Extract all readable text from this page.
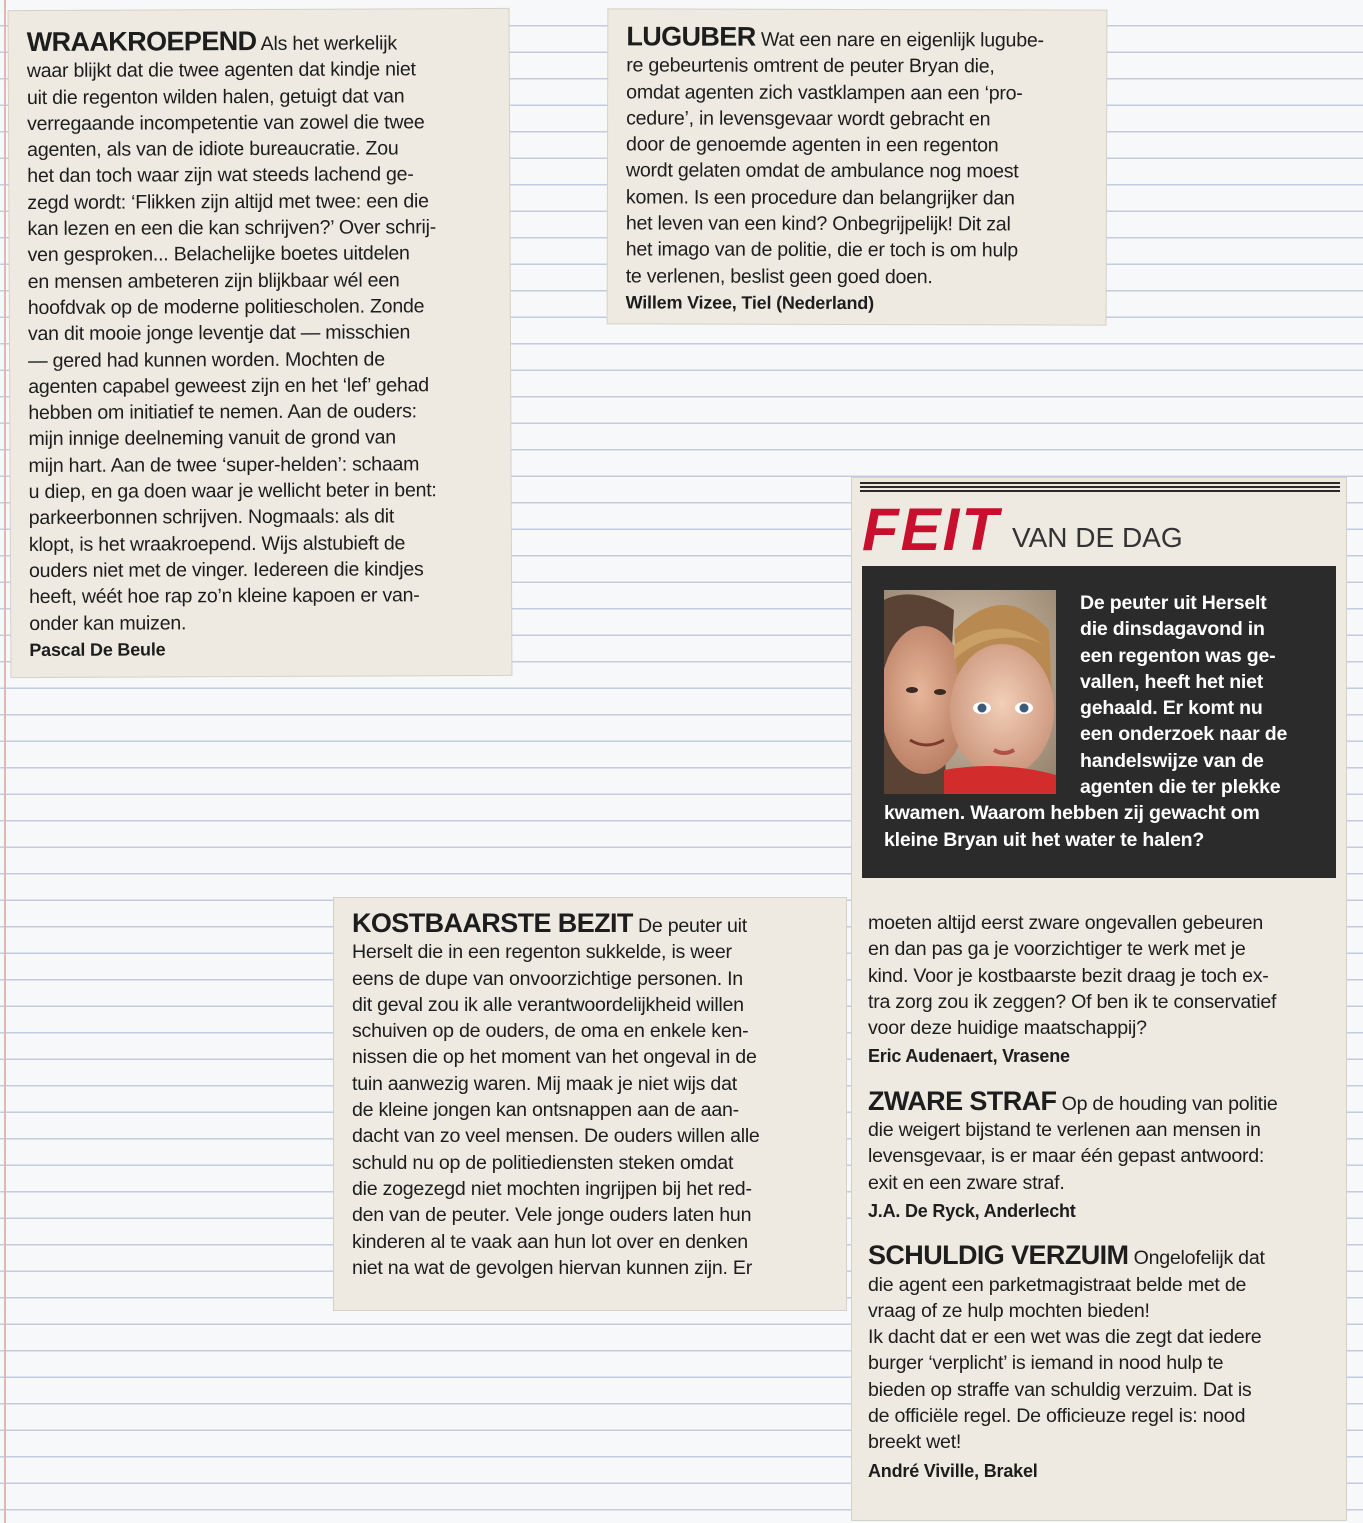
WRAAKROEPEND Als het werkelijk

waar blijkt dat die twee agenten dat kindje niet

uit die regenton wilden halen, getuigt dat van

verregaande incompetentie van zowel die twee

agenten, als van de idiote bureaucratie. Zou

het dan toch waar zijn wat steeds lachend ge-

zegd wordt: ‘Flikken zijn altijd met twee: een die

kan lezen en een die kan schrijven?’ Over schrij-

ven gesproken... Belachelijke boetes uitdelen

en mensen ambeteren zijn blijkbaar wél een

hoofdvak op de moderne politiescholen. Zonde

van dit mooie jonge leventje dat — misschien

— gered had kunnen worden. Mochten de

agenten capabel geweest zijn en het ‘lef’ gehad

hebben om initiatief te nemen. Aan de ouders:

mijn innige deelneming vanuit de grond van

mijn hart. Aan de twee ‘super-helden’: schaam

u diep, en ga doen waar je wellicht beter in bent:

parkeerbonnen schrijven. Nogmaals: als dit

klopt, is het wraakroepend. Wijs alstubieft de

ouders niet met de vinger. Iedereen die kindjes

heeft, wéét hoe rap zo’n kleine kapoen er van-

onder kan muizen.

Pascal De Beule

LUGUBER Wat een nare en eigenlijk lugube-

re gebeurtenis omtrent de peuter Bryan die,

omdat agenten zich vastklampen aan een ‘pro-

cedure’, in levensgevaar wordt gebracht en

door de genoemde agenten in een regenton

wordt gelaten omdat de ambulance nog moest

komen. Is een procedure dan belangrijker dan

het leven van een kind? Onbegrijpelijk! Dit zal

het imago van de politie, die er toch is om hulp

te verlenen, beslist geen goed doen.

Willem Vizee, Tiel (Nederland)

FEIT VAN DE DAG

De peuter uit Herselt

die dinsdagavond in

een regenton was ge-

vallen, heeft het niet

gehaald. Er komt nu

een onderzoek naar de

handelswijze van de

agenten die ter plekke

kwamen. Waarom hebben zij gewacht om

kleine Bryan uit het water te halen?

moeten altijd eerst zware ongevallen gebeuren

en dan pas ga je voorzichtiger te werk met je

kind. Voor je kostbaarste bezit draag je toch ex-

tra zorg zou ik zeggen? Of ben ik te conservatief

voor deze huidige maatschappij?

Eric Audenaert, Vrasene

ZWARE STRAF Op de houding van politie

die weigert bijstand te verlenen aan mensen in

levensgevaar, is er maar één gepast antwoord:

exit en een zware straf.

J.A. De Ryck, Anderlecht

SCHULDIG VERZUIM Ongelofelijk dat

die agent een parketmagistraat belde met de

vraag of ze hulp mochten bieden!

Ik dacht dat er een wet was die zegt dat iedere

burger ‘verplicht’ is iemand in nood hulp te

bieden op straffe van schuldig verzuim. Dat is

de officiële regel. De officieuze regel is: nood

breekt wet!

André Viville, Brakel

KOSTBAARSTE BEZIT De peuter uit

Herselt die in een regenton sukkelde, is weer

eens de dupe van onvoorzichtige personen. In

dit geval zou ik alle verantwoordelijkheid willen

schuiven op de ouders, de oma en enkele ken-

nissen die op het moment van het ongeval in de

tuin aanwezig waren. Mij maak je niet wijs dat

de kleine jongen kan ontsnappen aan de aan-

dacht van zo veel mensen. De ouders willen alle

schuld nu op de politiediensten steken omdat

die zogezegd niet mochten ingrijpen bij het red-

den van de peuter. Vele jonge ouders laten hun

kinderen al te vaak aan hun lot over en denken

niet na wat de gevolgen hiervan kunnen zijn. Er
